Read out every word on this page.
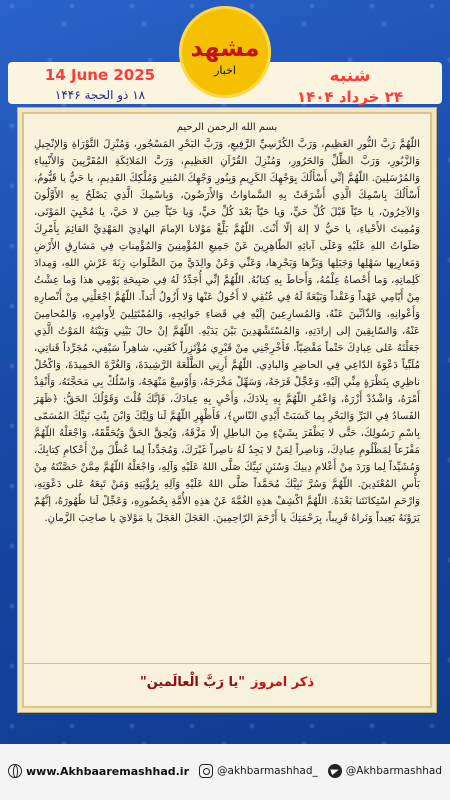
مشهد
اخبار	شنبه
۲۴ خرداد ۱۴۰۴
14 June 2025
۱۸ ذو الحجة ۱۴۴۶
بسم الله الرحمن الرحيم
اللّهُمَّ رَبَّ النُّورِ العَظِيمِ، وَرَبَّ الكُرْسِيِّ الرَّفِيعِ، وَرَبَّ البَحْرِ المَسْجُورِ، وَمُنْزِلَ التَّوْرَاةِ وَالإنْجِيلِ وَالزَّبُورِ، وَرَبَّ الظِّلِّ وَالحَرُورِ، وَمُنْزِلَ القُرْآنِ العَظِيمِ، وَرَبَّ المَلائِكَةِ المُقَرَّبِينَ وَالأَنْبِياءِ وَالمُرْسَلِينَ. اللّهُمَّ إنِّي أَسْأَلُكَ بِوَجْهِكَ الكَرِيمِ وَبِنُورِ وَجْهِكَ المُنِيرِ وَمُلْكِكَ القَدِيمِ، يا حَيُّ يا قَيُّومُ، أَسْأَلُكَ بِاسْمِكَ الَّذِي أَشْرَقَتْ بِهِ السَّماواتُ وَالأَرَضُونَ، وَبِاسْمِكَ الَّذِي يَصْلَحُ بِهِ الأَوَّلُونَ وَالآخِرُونَ، يا حَيّاً قَبْلَ كُلِّ حَيٍّ، وَيا حَيّاً بَعْدَ كُلِّ حَيٍّ، وَيا حَيّاً حِينَ لا حَيَّ، يا مُحْيِيَ المَوْتَى، وَمُمِيتَ الأَحْياءِ، يا حَيُّ لا إلهَ إلّا أَنْتَ. اللّهُمَّ بَلِّغْ مَوْلانا الإمامَ الهادِيَ المَهْدِيَّ القائِمَ بِأَمْرِكَ صَلَواتُ اللهِ عَلَيْهِ وَعَلَى آبائِهِ الطّاهِرِينَ عَنْ جَمِيعِ المُؤْمِنِينَ وَالمُؤْمِناتِ فِي مَشارِقِ الأَرْضِ وَمَغارِبِها سَهْلِها وَجَبَلِها وَبَرِّها وَبَحْرِها، وَعَنِّي وَعَنْ والِدَيَّ مِنَ الصَّلَواتِ زِنَةَ عَرْشِ اللهِ، وَمِدادَ كَلِماتِهِ، وَما أَحْصاهُ عِلْمُهُ، وَأَحاطَ بِهِ كِتابُهُ. اللّهُمَّ إنِّي أُجَدِّدُ لَهُ فِي صَبِيحَةِ يَوْمِي هذا وَما عِشْتُ مِنْ أَيّامِي عَهْداً وَعَقْداً وَبَيْعَةً لَهُ فِي عُنُقِي لا أَحُولُ عَنْها وَلا أَزُولُ أَبَداً. اللّهُمَّ اجْعَلْنِي مِنْ أَنْصارِهِ وَأَعْوانِهِ، وَالذّابِّينَ عَنْهُ، وَالمُسارِعِينَ إلَيْهِ فِي قَضاءِ حَوائِجِهِ، وَالمُمْتَثِلِينَ لِأَوامِرِهِ، وَالمُحامِينَ عَنْهُ، وَالسّابِقِينَ إلى إرادَتِهِ، وَالمُسْتَشْهَدِينَ بَيْنَ يَدَيْهِ. اللّهُمَّ إنْ حالَ بَيْنِي وَبَيْنَهُ المَوْتُ الَّذِي جَعَلْتَهُ عَلى عِبادِكَ حَتْماً مَقْضِيّاً، فَأَخْرِجْنِي مِنْ قَبْرِي مُؤْتَزِراً كَفَنِي، شاهِراً سَيْفِي، مُجَرِّداً قَناتِي، مُلَبِّياً دَعْوَةَ الدّاعِي فِي الحاضِرِ وَالبادِي. اللّهُمَّ أَرِنِي الطَّلْعَةَ الرَّشِيدَةَ، وَالغُرَّةَ الحَمِيدَةَ، وَاكْحُلْ ناظِرِي بِنَظْرَةٍ مِنِّي إلَيْهِ، وَعَجِّلْ فَرَجَهُ، وَسَهِّلْ مَخْرَجَهُ، وَأَوْسِعْ مَنْهَجَهُ، وَاسْلُكْ بِي مَحَجَّتَهُ، وَأَنْفِذْ أَمْرَهُ، وَاشْدُدْ أَزْرَهُ، وَاعْمُرِ اللّهُمَّ بِهِ بِلادَكَ، وَأَحْيِ بِهِ عِبادَكَ، فَإنَّكَ قُلْتَ وَقَوْلُكَ الحَقُّ: ﴿ظَهَرَ الفَسادُ فِي البَرِّ وَالبَحْرِ بِما كَسَبَتْ أَيْدِي النّاسِ﴾، فَأَظْهِرِ اللّهُمَّ لَنا وَلِيَّكَ وَابْنَ بِنْتِ نَبِيِّكَ المُسَمّى بِاسْمِ رَسُولِكَ، حَتَّى لا يَظْفَرَ بِشَيْءٍ مِنَ الباطِلِ إلّا مَزَّقَهُ، وَيُحِقَّ الحَقَّ وَيُحَقِّقَهُ، وَاجْعَلْهُ اللّهُمَّ مَفْزَعاً لِمَظْلُومِ عِبادِكَ، وَناصِراً لِمَنْ لا يَجِدُ لَهُ ناصِراً غَيْرَكَ، وَمُجَدِّداً لِما عُطِّلَ مِنْ أَحْكامِ كِتابِكَ، وَمُشَيِّداً لِما وَرَدَ مِنْ أَعْلامِ دِينِكَ وَسُنَنِ نَبِيِّكَ صَلَّى اللهُ عَلَيْهِ وَآلِهِ، وَاجْعَلْهُ اللّهُمَّ مِمَّنْ حَصَّنْتَهُ مِنْ بَأْسِ المُعْتَدِينَ. اللّهُمَّ وَسُرَّ نَبِيَّكَ مُحَمَّداً صَلَّى اللهُ عَلَيْهِ وَآلِهِ بِرُؤْيَتِهِ وَمَنْ تَبِعَهُ عَلى دَعْوَتِهِ، وَارْحَمِ اسْتِكانَتَنا بَعْدَهُ. اللّهُمَّ اكْشِفْ هذِهِ الغُمَّةَ عَنْ هذِهِ الأُمَّةِ بِحُضُورِهِ، وَعَجِّلْ لَنا ظُهُورَهُ، إنَّهُمْ يَرَوْنَهُ بَعِيداً وَنَراهُ قَرِيباً، بِرَحْمَتِكَ يا أَرْحَمَ الرّاحِمِينَ. العَجَلَ العَجَلَ يا مَوْلايَ يا صاحِبَ الزَّمانِ.
ذکر امروز
"یا رَبَّ الْعالَمین"
www.Akhbaaremashhad.ir	@akhbarmashhad_	@Akhbarmashhad
